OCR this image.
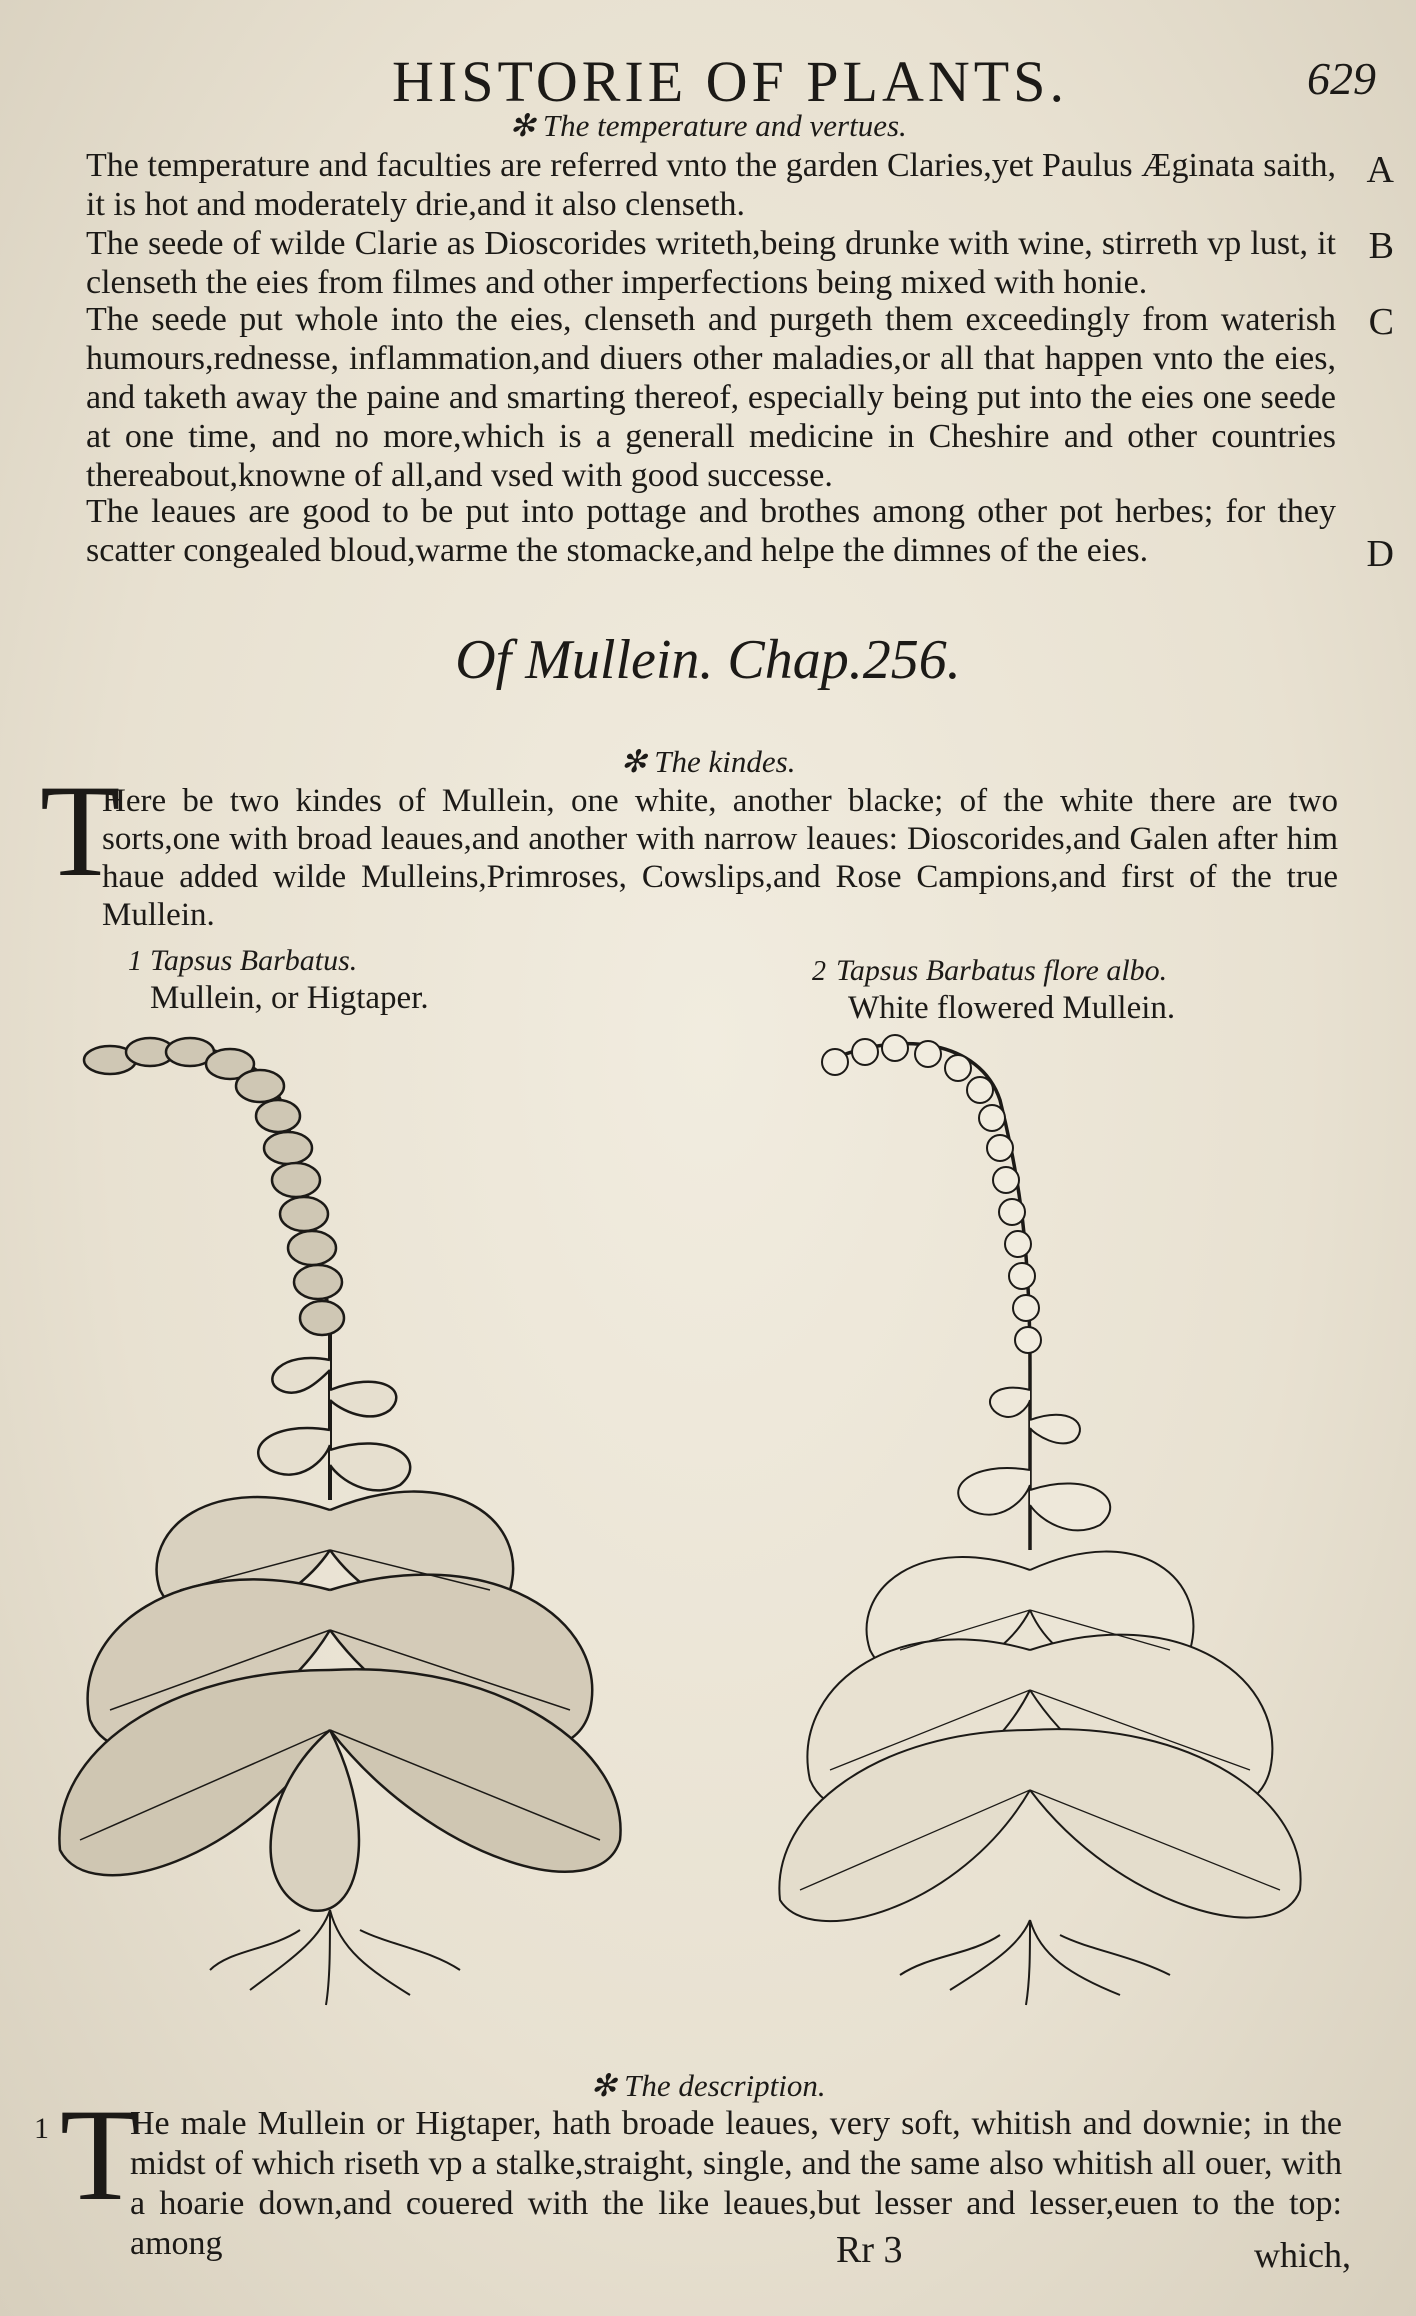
HISTORIE OF PLANTS.	629
✻ The temperature and vertues.
The temperature and faculties are referred vnto the garden Claries,yet Paulus Æginata saith, it is hot and moderately drie,and it also clenseth.
A
The seede of wilde Clarie as Dioscorides writeth,being drunke with wine, stirreth vp lust, it clenseth the eies from filmes and other imperfections being mixed with honie.
B
The seede put whole into the eies, clenseth and purgeth them exceedingly from waterish humours,rednesse, inflammation,and diuers other maladies,or all that happen vnto the eies, and taketh away the paine and smarting thereof, especially being put into the eies one seede at one time, and no more,which is a generall medicine in Cheshire and other countries thereabout,knowne of all,and vsed with good successe.
C
The leaues are good to be put into pottage and brothes among other pot herbes; for they scatter congealed bloud,warme the stomacke,and helpe the dimnes of the eies.	D
Of Mullein. Chap.256.
✻ The kindes.
T
Here be two kindes of Mullein, one white, another blacke; of the white there are two sorts,one with broad leaues,and another with narrow leaues: Dioscorides,and Galen after him haue added wilde Mulleins,Primroses, Cowslips,and Rose Campions,and first of the true Mullein.
1 Tapsus Barbatus.
Mullein, or Higtaper.
2 Tapsus Barbatus flore albo.
White flowered Mullein.
✻ The description.
1 T
He male Mullein or Higtaper, hath broade leaues, very soft, whitish and downie; in the midst of which riseth vp a stalke,straight, single, and the same also whitish all ouer, with a hoarie down,and couered with the like leaues,but lesser and lesser,euen to the top: among	Rr 3	which,
